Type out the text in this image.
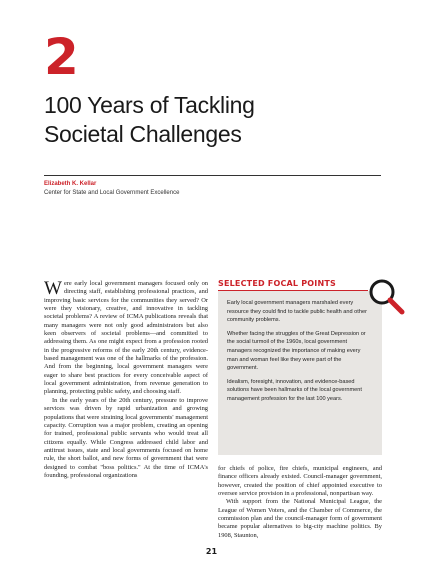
2
100 Years of Tackling
Societal Challenges
Elizabeth K. Kellar
Center for State and Local Government Excellence

Were early local government managers focused only on directing staff, establishing professional practices, and improving basic services for the communities they served? Or were they visionary, creative, and innovative in tackling societal problems? A review of ICMA publications reveals that many managers were not only good administrators but also keen observers of societal problems—and committed to addressing them. As one might expect from a profession rooted in the progressive reforms of the early 20th century, evidence-based management was one of the hallmarks of the profession. And from the beginning, local government managers were eager to share best practices for every conceivable aspect of local government administration, from revenue generation to planning, protecting public safety, and choosing staff.

In the early years of the 20th century, pressure to improve services was driven by rapid urbanization and growing populations that were straining local governments' management capacity. Corruption was a major problem, creating an opening for trained, professional public servants who would treat all citizens equally. While Congress addressed child labor and antitrust issues, state and local governments focused on home rule, the short ballot, and new forms of government that were designed to combat "boss politics." At the time of ICMA's founding, professional organizations

SELECTED FOCAL POINTS

Early local government managers marshaled every resource they could find to tackle public health and other community problems.

Whether facing the struggles of the Great Depression or the social turmoil of the 1960s, local government managers recognized the importance of making every man and woman feel like they were part of the government.

Idealism, foresight, innovation, and evidence-based solutions have been hallmarks of the local government management profession for the last 100 years.

for chiefs of police, fire chiefs, municipal engineers, and finance officers already existed. Council-manager government, however, created the position of chief appointed executive to oversee service provision in a professional, nonpartisan way.

With support from the National Municipal League, the League of Women Voters, and the Chamber of Commerce, the commission plan and the council-manager form of government became popular alternatives to big-city machine politics. By 1908, Staunton,

21
